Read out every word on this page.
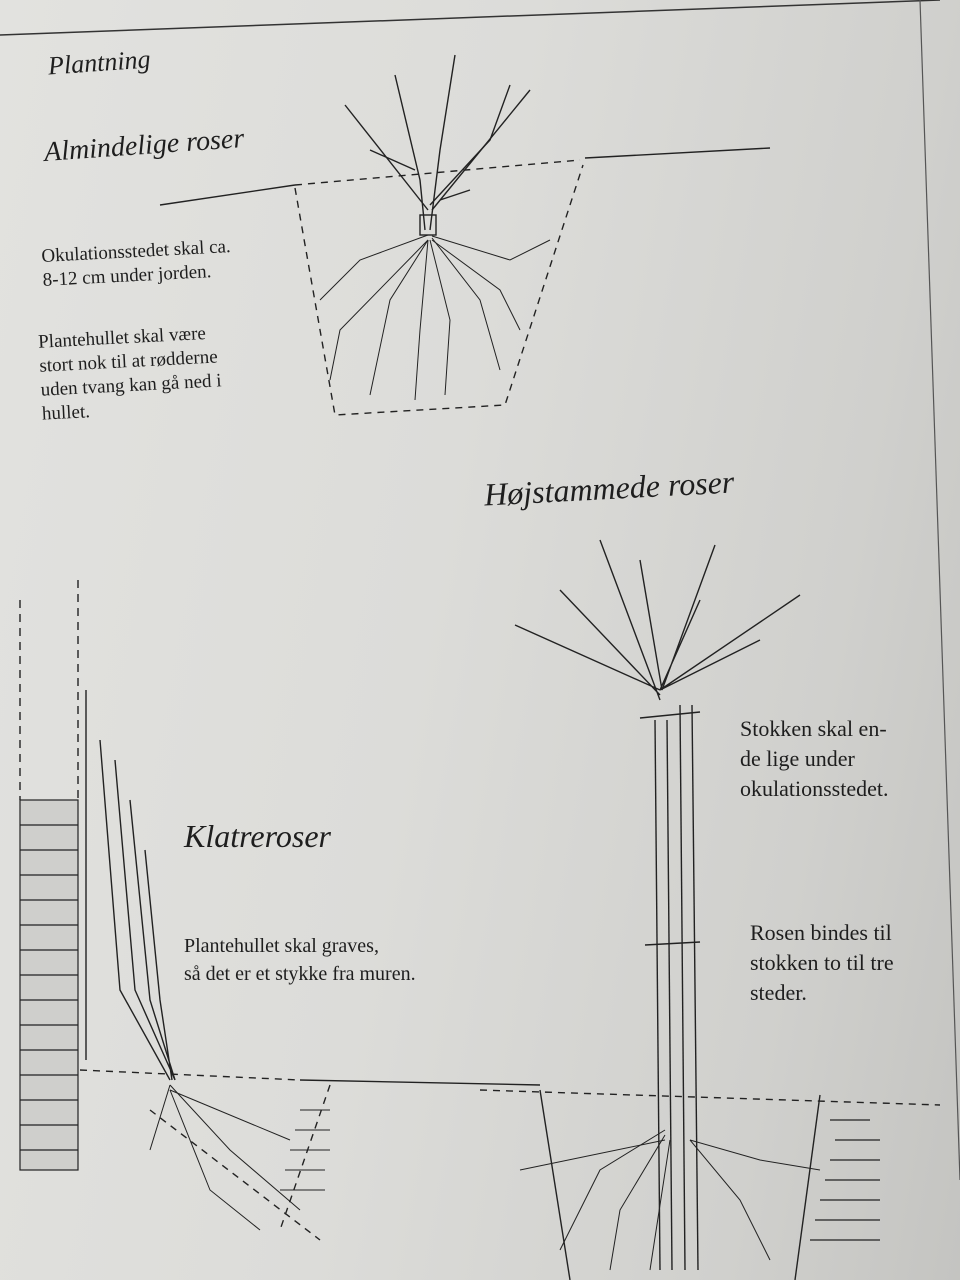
Plantning
Almindelige roser
Okulationsstedet skal ca.
8-12 cm under jorden.
Plantehullet skal være
stort nok til at rødderne
uden tvang kan gå ned i
hullet.
Højstammede roser
Stokken skal en-
de lige under
okulationsstedet.
Rosen bindes til
stokken to til tre
steder.
Klatreroser
Plantehullet skal graves,
så det er et stykke fra muren.
